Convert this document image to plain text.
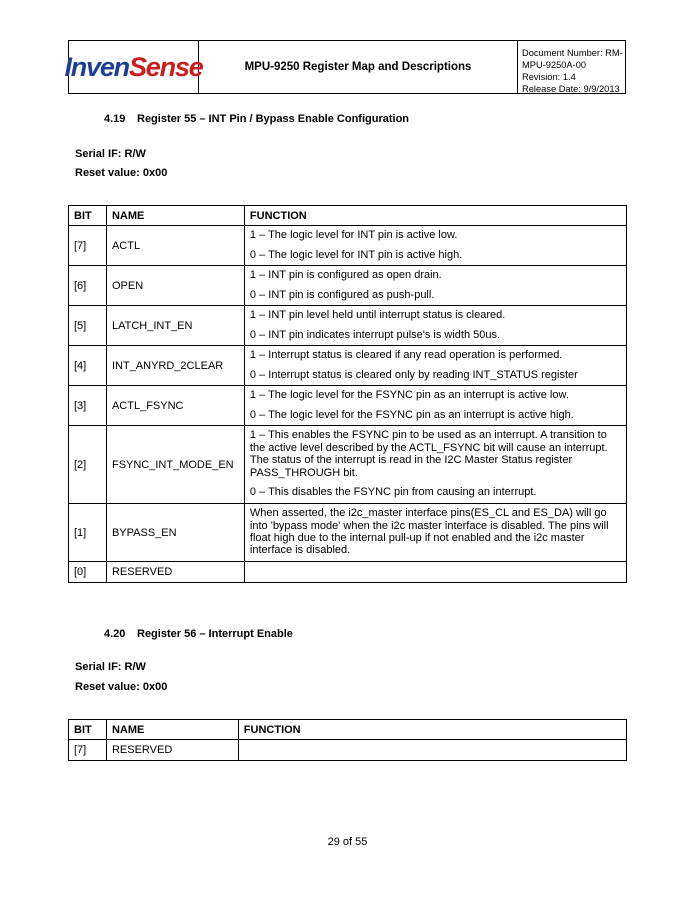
InvenSense	MPU-9250 Register Map and Descriptions
Document Number: RM-MPU-9250A-00
Revision: 1.4
Release Date: 9/9/2013
4.19 Register 55 – INT Pin / Bypass Enable Configuration
Serial IF: R/W
Reset value: 0x00
BIT	NAME	FUNCTION
[7]	ACTL	1 – The logic level for INT pin is active low.

0 – The logic level for INT pin is active high.

[6]	OPEN	1 – INT pin is configured as open drain.

0 – INT pin is configured as push-pull.

[5]	LATCH_INT_EN	1 – INT pin level held until interrupt status is cleared.

0 – INT pin indicates interrupt pulse's is width 50us.

[4]	INT_ANYRD_2CLEAR	1 – Interrupt status is cleared if any read operation is performed.

0 – Interrupt status is cleared only by reading INT_STATUS register

[3]	ACTL_FSYNC	1 – The logic level for the FSYNC pin as an interrupt is active low.

0 – The logic level for the FSYNC pin as an interrupt is active high.

[2]	FSYNC_INT_MODE_EN	1 – This enables the FSYNC pin to be used as an interrupt. A transition to the active level described by the ACTL_FSYNC bit will cause an interrupt. The status of the interrupt is read in the I2C Master Status register PASS_THROUGH bit.

0 – This disables the FSYNC pin from causing an interrupt.

[1]	BYPASS_EN	When asserted, the i2c_master interface pins(ES_CL and ES_DA) will go into 'bypass mode' when the i2c master interface is disabled. The pins will float high due to the internal pull-up if not enabled and the i2c master interface is disabled.

[0]	RESERVED	
4.20 Register 56 – Interrupt Enable
Serial IF: R/W
Reset value: 0x00
BIT	NAME	FUNCTION
[7]	RESERVED	
29 of 55
